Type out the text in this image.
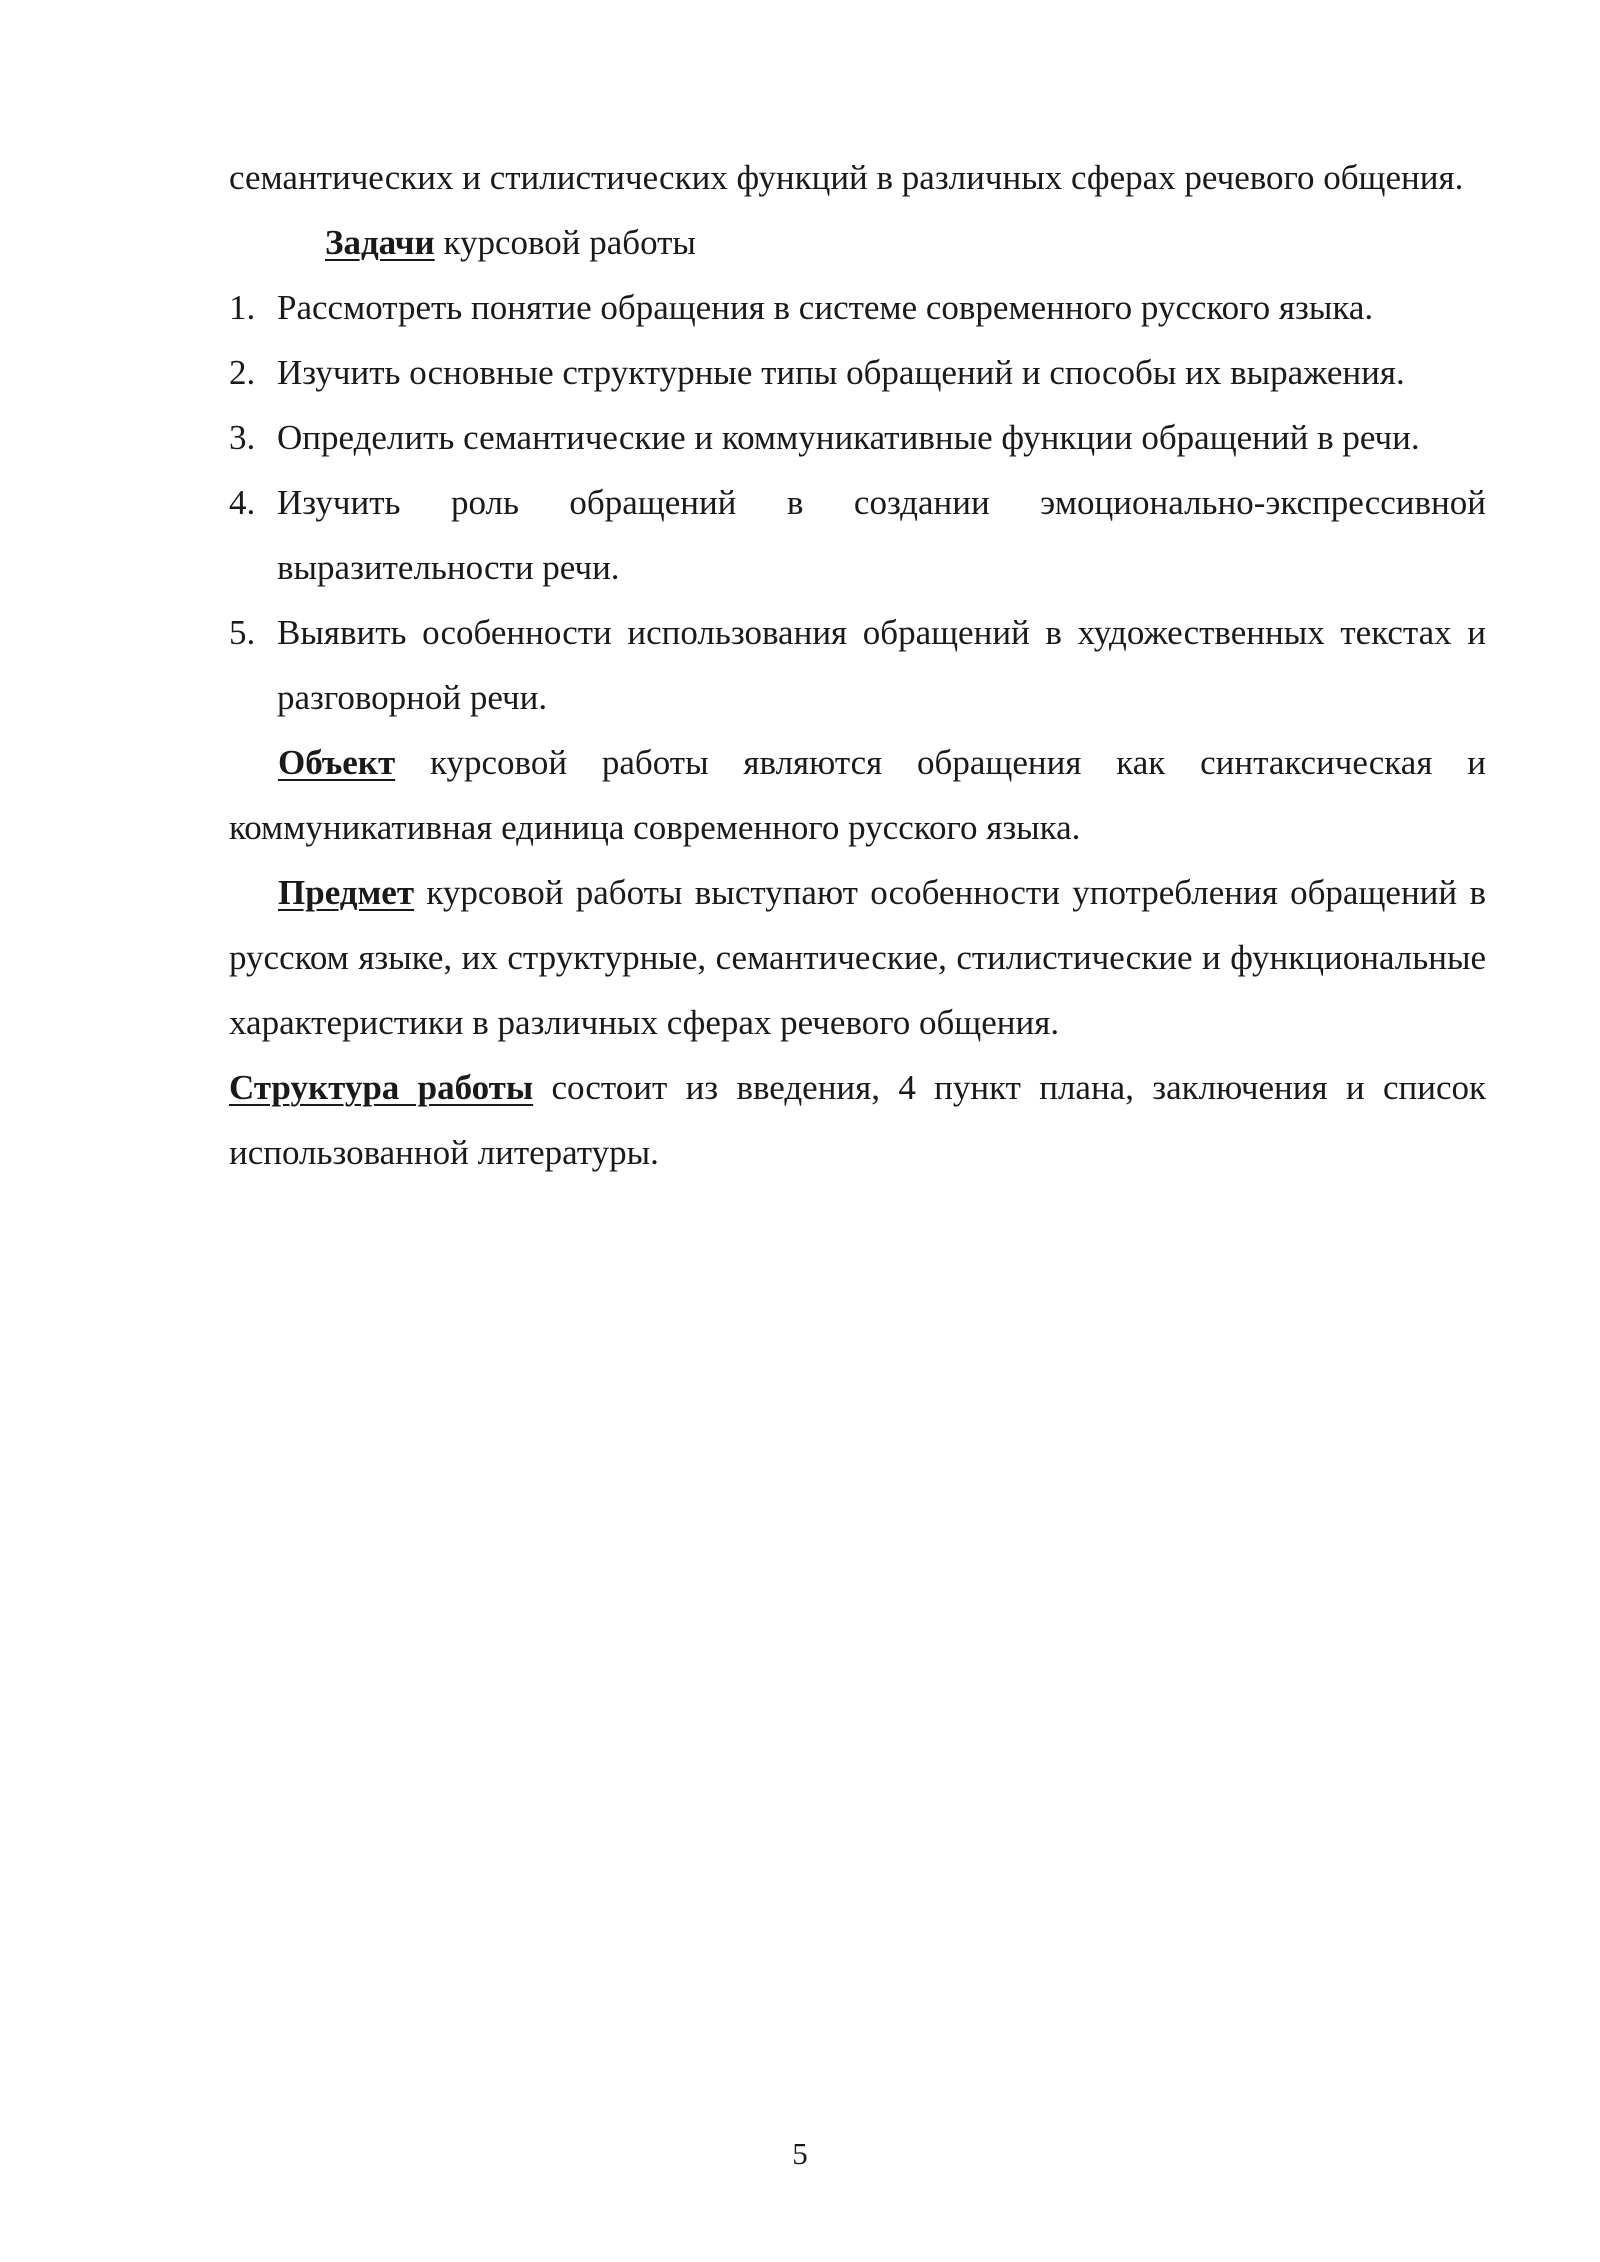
семантических и стилистических функций в различных сферах речевого общения.

Задачи курсовой работы

1. Рассмотреть понятие обращения в системе современного русского языка.
2. Изучить основные структурные типы обращений и способы их выражения.
3. Определить семантические и коммуникативные функции обращений в речи.
4. Изучить роль обращений в создании эмоционально-экспрессивной выразительности речи.
5. Выявить особенности использования обращений в художественных текстах и разговорной речи.

Объект курсовой работы являются обращения как синтаксическая и коммуникативная единица современного русского языка.

Предмет курсовой работы выступают особенности употребления обращений в русском языке, их структурные, семантические, стилистические и функциональные характеристики в различных сферах речевого общения.

Структура работы состоит из введения, 4 пункт плана, заключения и список использованной литературы.

5
